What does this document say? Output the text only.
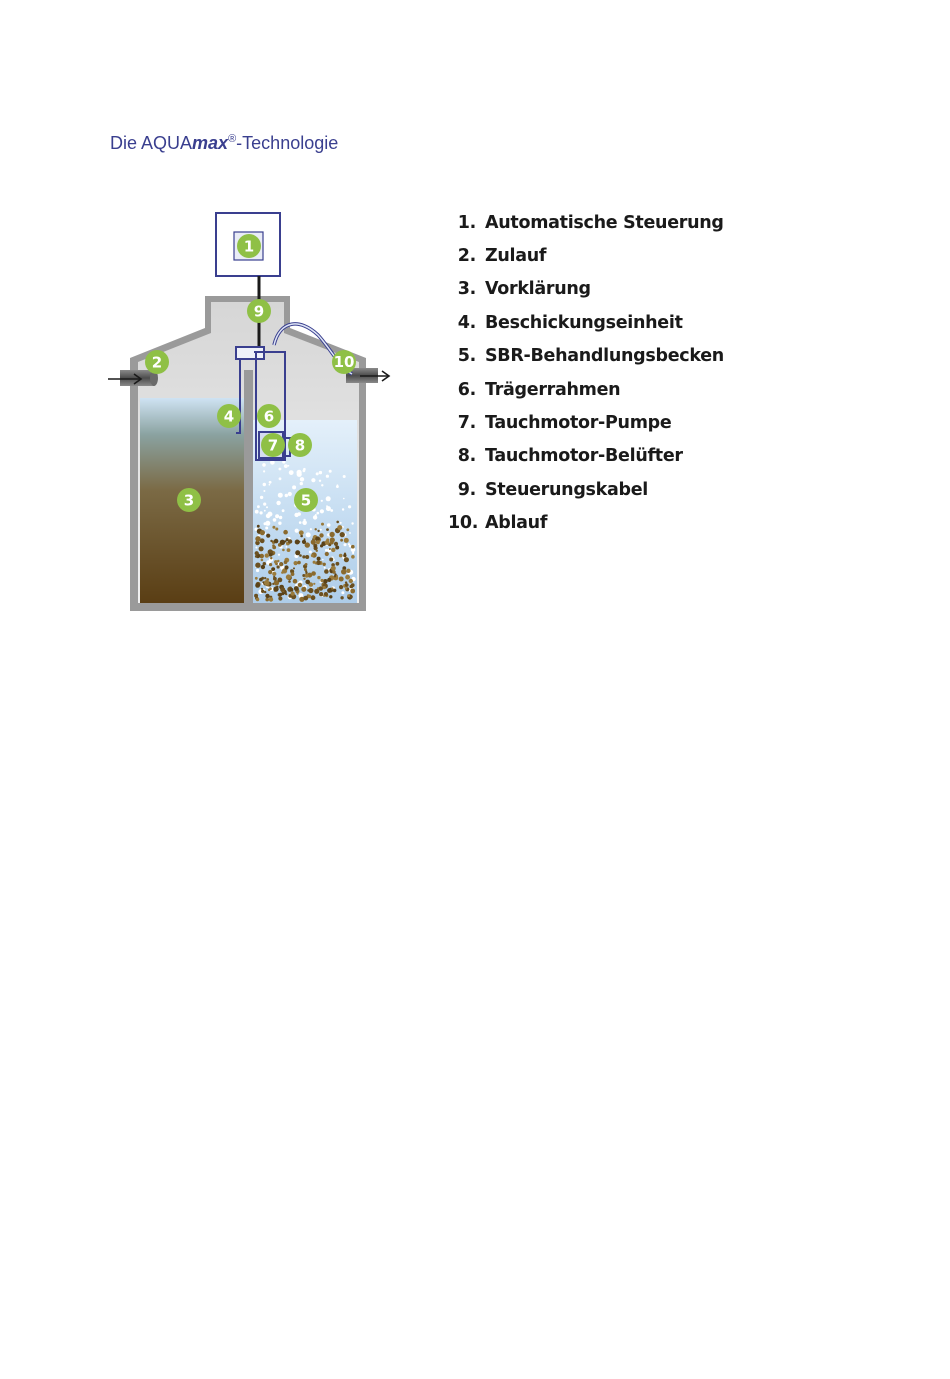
Die AQUAmax®-Technologie
1
2
3
4
5
6
7 8
9
10
1. Automatische Steuerung
2. Zulauf
3. Vorklärung
4. Beschickungseinheit
5. SBR-Behandlungsbecken
6. Trägerrahmen
7. Tauchmotor-Pumpe
8. Tauchmotor-Belüfter
9. Steuerungskabel
10. Ablauf
